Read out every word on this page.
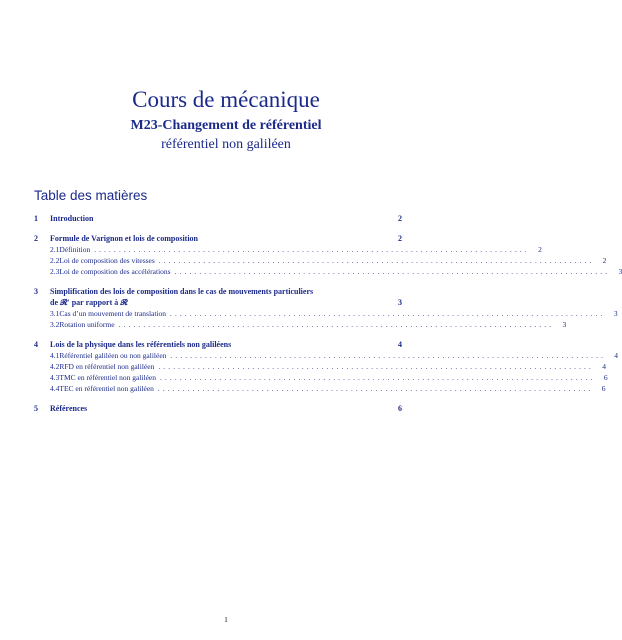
Cours de mécanique
M23-Changement de référentiel
référentiel non galiléen
Table des matières
1	Introduction	2
2	Formule de Varignon et lois de composition	2
2.1 Définition ........................................................................................	2
2.2 Loi de composition des vitesses ........................................................................................	2
2.3 Loi de composition des accélérations ........................................................................................	3
3	Simplification des lois de composition dans le cas de mouvements particuliers
de 𝓡′ par rapport à 𝓡	3
3.1 Cas d’un mouvement de translation ........................................................................................	3
3.2 Rotation uniforme ........................................................................................	3
4	Lois de la physique dans les référentiels non galiléens	4
4.1 Référentiel galiléen ou non galiléen ........................................................................................	4
4.2 RFD en référentiel non galiléen ........................................................................................	4
4.3 TMC en référentiel non galiléen ........................................................................................	6
4.4 TEC en référentiel non galiléen ........................................................................................	6
5	Références	6
1
